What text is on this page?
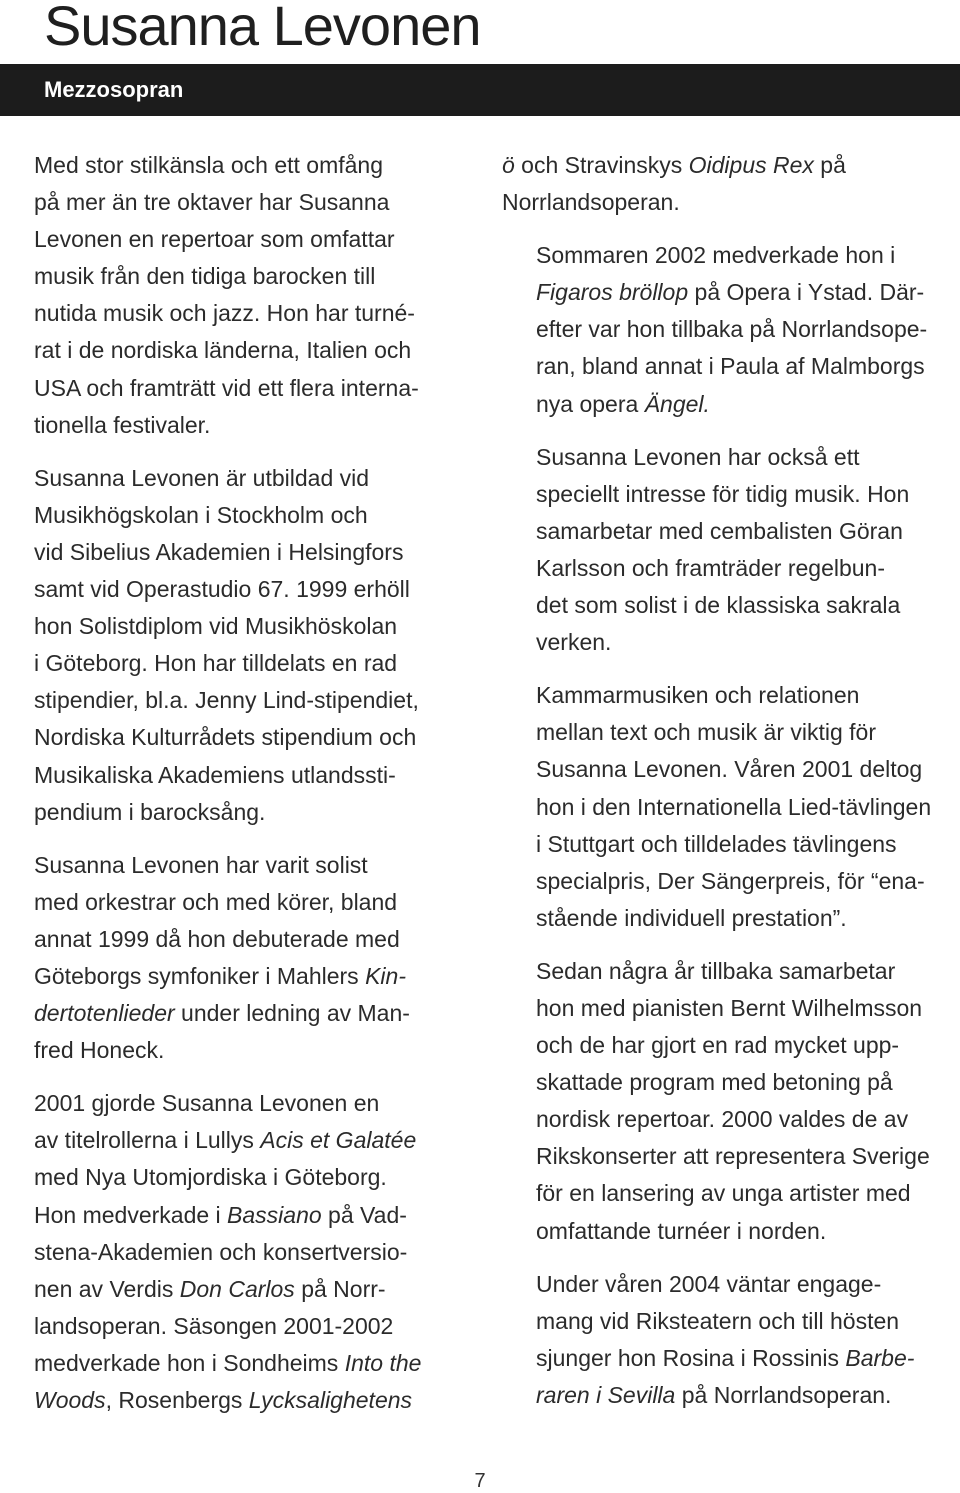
Susanna Levonen
Mezzosopran

Med stor stilkänsla och ett omfång
på mer än tre oktaver har Susanna
Levonen en repertoar som omfattar
musik från den tidiga barocken till
nutida musik och jazz. Hon har turné-
rat i de nordiska länderna, Italien och
USA och framträtt vid ett flera interna-
tionella festivaler.

Susanna Levonen är utbildad vid
Musikhögskolan i Stockholm och
vid Sibelius Akademien i Helsingfors
samt vid Operastudio 67. 1999 erhöll
hon Solistdiplom vid Musikhöskolan
i Göteborg. Hon har tilldelats en rad
stipendier, bl.a. Jenny Lind-stipendiet,
Nordiska Kulturrådets stipendium och
Musikaliska Akademiens utlandssti-
pendium i barocksång.

Susanna Levonen har varit solist
med orkestrar och med körer, bland
annat 1999 då hon debuterade med
Göteborgs symfoniker i Mahlers Kin-
dertotenlieder under ledning av Man-
fred Honeck.

2001 gjorde Susanna Levonen en
av titelrollerna i Lullys Acis et Galatée
med Nya Utomjordiska i Göteborg.
Hon medverkade i Bassiano på Vad-
stena-Akademien och konsertversio-
nen av Verdis Don Carlos på Norr-
landsoperan. Säsongen 2001-2002
medverkade hon i Sondheims Into the
Woods, Rosenbergs Lycksalighetens

ö och Stravinskys Oidipus Rex på
Norrlandsoperan.

Sommaren 2002 medverkade hon i
Figaros bröllop på Opera i Ystad. Där-
efter var hon tillbaka på Norrlandsope-
ran, bland annat i Paula af Malmborgs
nya opera Ängel.

Susanna Levonen har också ett
speciellt intresse för tidig musik. Hon
samarbetar med cembalisten Göran
Karlsson och framträder regelbun-
det som solist i de klassiska sakrala
verken.

Kammarmusiken och relationen
mellan text och musik är viktig för
Susanna Levonen. Våren 2001 deltog
hon i den Internationella Lied-tävlingen
i Stuttgart och tilldelades tävlingens
specialpris, Der Sängerpreis, för “ena-
stående individuell prestation”.

Sedan några år tillbaka samarbetar
hon med pianisten Bernt Wilhelmsson
och de har gjort en rad mycket upp-
skattade program med betoning på
nordisk repertoar. 2000 valdes de av
Rikskonserter att representera Sverige
för en lansering av unga artister med
omfattande turnéer i norden.

Under våren 2004 väntar engage-
mang vid Riksteatern och till hösten
sjunger hon Rosina i Rossinis Barbe-
raren i Sevilla på Norrlandsoperan.

7
